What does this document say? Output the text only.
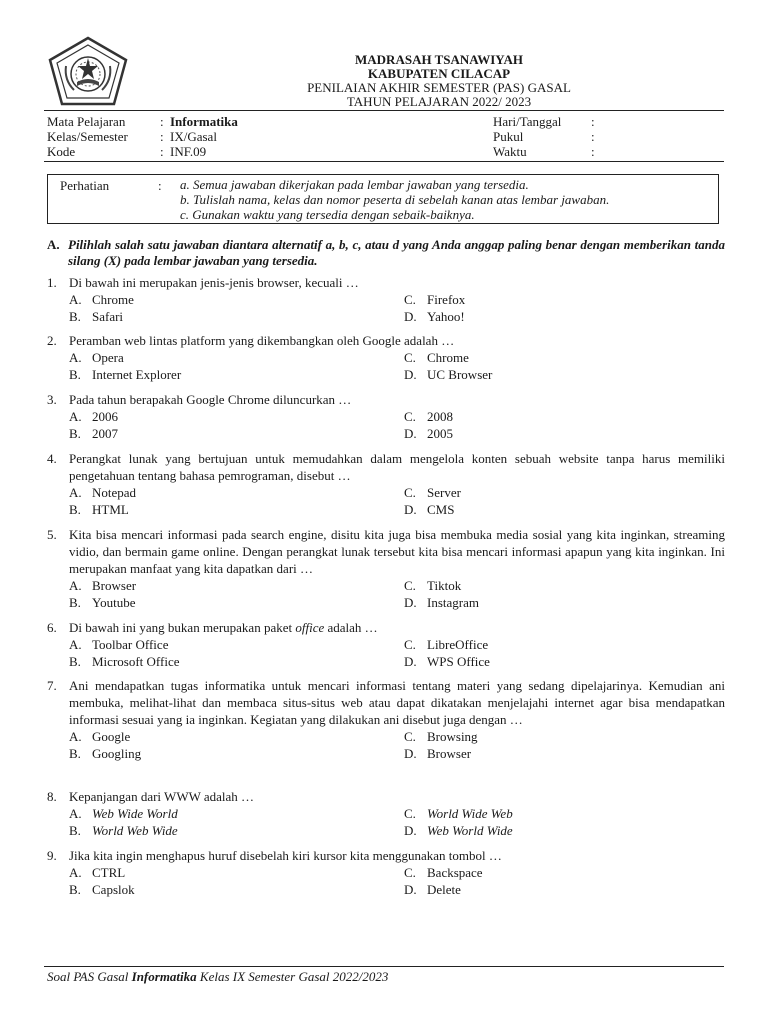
MADRASAH TSANAWIYAH
KABUPATEN CILACAP
PENILAIAN AKHIR SEMESTER (PAS) GASAL
TAHUN PELAJARAN 2022/ 2023
Mata Pelajaran	: Informatika
Kelas/Semester : IX/Gasal
Kode	: INF.09
Hari/Tanggal :
Pukul	:
Waktu	:
Perhatian	: a. Semua jawaban dikerjakan pada lembar jawaban yang tersedia.
b. Tulislah nama, kelas dan nomor peserta di sebelah kanan atas lembar jawaban.
c. Gunakan waktu yang tersedia dengan sebaik-baiknya.
A. Pilihlah salah satu jawaban diantara alternatif a, b, c, atau d yang Anda anggap paling benar dengan memberikan tanda silang (X) pada lembar jawaban yang tersedia.
1. Di bawah ini merupakan jenis-jenis browser, kecuali …
A. Chrome
B. Safari
C. Firefox
D. Yahoo!
2. Peramban web lintas platform yang dikembangkan oleh Google adalah …
A. Opera
B. Internet Explorer
C. Chrome
D. UC Browser
3. Pada tahun berapakah Google Chrome diluncurkan …
A. 2006
B. 2007
C. 2008
D. 2005
4. Perangkat lunak yang bertujuan untuk memudahkan dalam mengelola konten sebuah website tanpa harus memiliki pengetahuan tentang bahasa pemrograman, disebut …
A. Notepad
B. HTML
C. Server
D. CMS
5. Kita bisa mencari informasi pada search engine, disitu kita juga bisa membuka media sosial yang kita inginkan, streaming vidio, dan bermain game online. Dengan perangkat lunak tersebut kita bisa mencari informasi apapun yang kita inginkan. Ini merupakan manfaat yang kita dapatkan dari …
A. Browser
B. Youtube
C. Tiktok
D. Instagram
6. Di bawah ini yang bukan merupakan paket office adalah …
A. Toolbar Office
B. Microsoft Office
C. LibreOffice
D. WPS Office
7. Ani mendapatkan tugas informatika untuk mencari informasi tentang materi yang sedang dipelajarinya. Kemudian ani membuka, melihat-lihat dan membaca situs-situs web atau dapat dikatakan menjelajahi internet agar bisa mendapatkan informasi sesuai yang ia inginkan. Kegiatan yang dilakukan ani disebut juga dengan …
A. Google
B. Googling
C. Browsing
D. Browser
8. Kepanjangan dari WWW adalah …
A. Web Wide World
B. World Web Wide
C. World Wide Web
D. Web World Wide
9. Jika kita ingin menghapus huruf disebelah kiri kursor kita menggunakan tombol …
A. CTRL
B. Capslok
C. Backspace
D. Delete
Soal PAS Gasal Informatika Kelas IX Semester Gasal 2022/2023
